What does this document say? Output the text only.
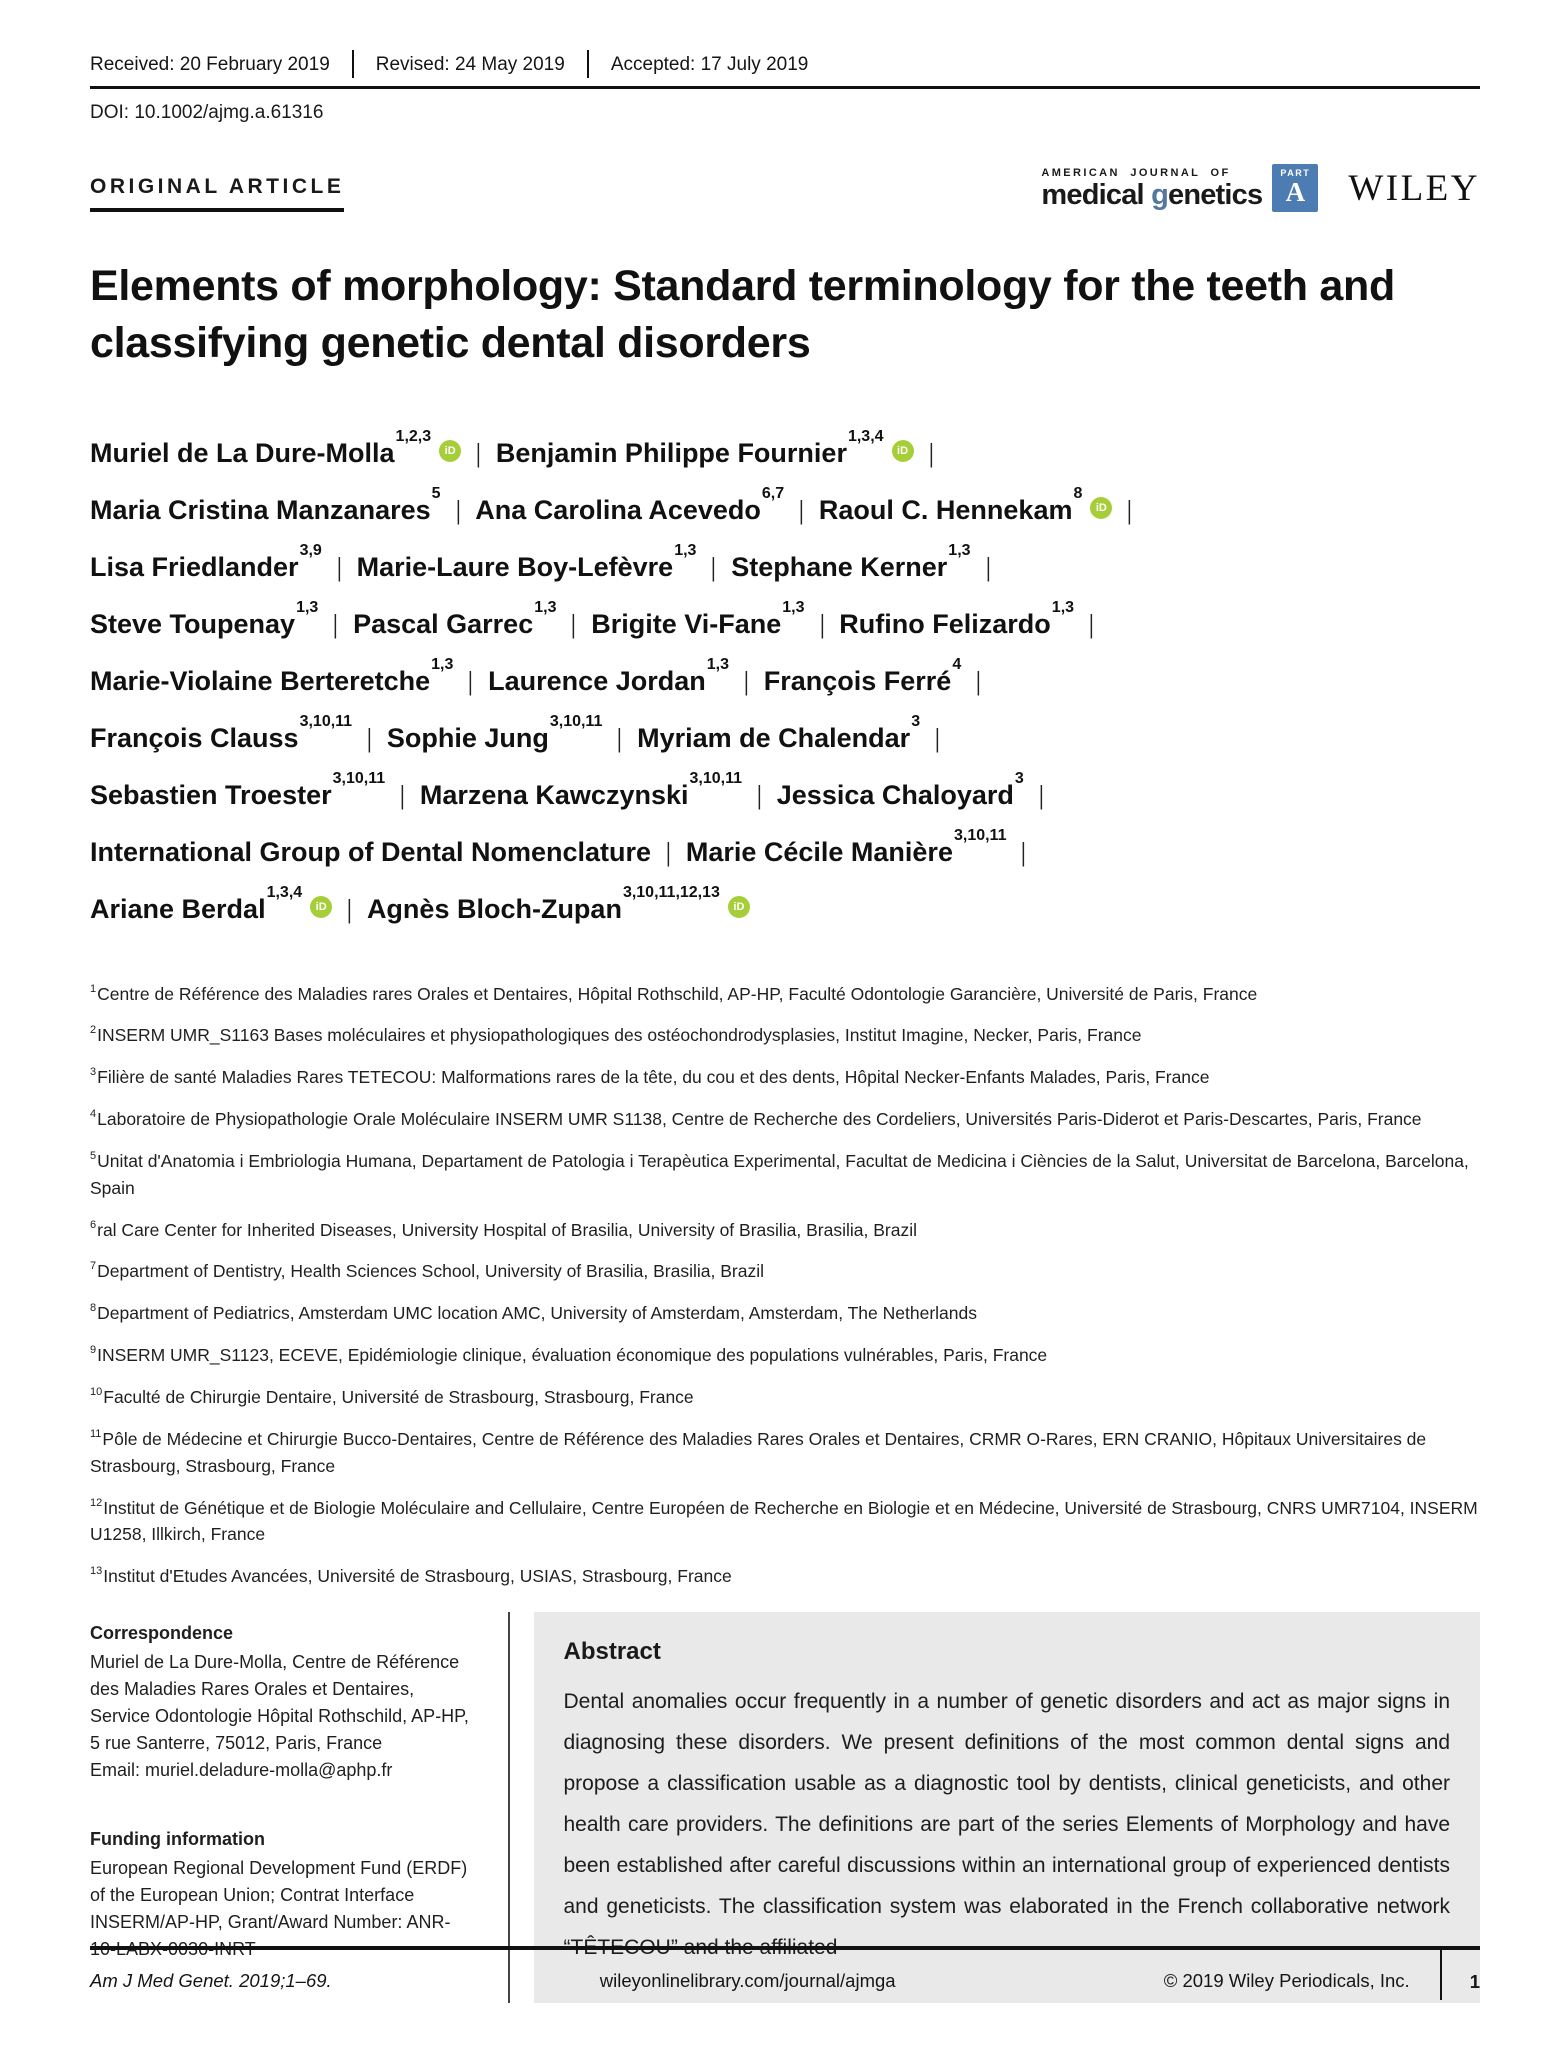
Received: 20 February 2019 Revised: 24 May 2019 Accepted: 17 July 2019
DOI: 10.1002/ajmg.a.61316
ORIGINAL ARTICLE
AMERICAN JOURNAL OF
medical genetics
PART
A WILEY
Elements of morphology: Standard terminology for the teeth and classifying genetic dental disorders
Muriel de La Dure-Molla$^{1,2,3}$iD | Benjamin Philippe Fournier$^{1,3,4}$iD |
Maria Cristina Manzanares$^5$| Ana Carolina Acevedo$^{6,7}$| Raoul C. Hennekam$^8$iD |
Lisa Friedlander$^{3,9}$| Marie-Laure Boy-Lefèvre$^{1,3}$| Stephane Kerner$^{1,3}$|
Steve Toupenay$^{1,3}$| Pascal Garrec$^{1,3}$| Brigite Vi-Fane$^{1,3}$| Rufino Felizardo$^{1,3}$|
Marie-Violaine Berteretche$^{1,3}$| Laurence Jordan$^{1,3}$| François Ferré$^4$|
François Clauss$^{3,10,11}$| Sophie Jung$^{3,10,11}$| Myriam de Chalendar$^3$|
Sebastien Troester$^{3,10,11}$| Marzena Kawczynski$^{3,10,11}$| Jessica Chaloyard$^3$|
International Group of Dental Nomenclature | Marie Cécile Manière$^{3,10,11}$|
Ariane Berdal$^{1,3,4}$iD | Agnès Bloch-Zupan$^{3,10,11,12,13}$iD

$^1$Centre de Référence des Maladies rares Orales et Dentaires, Hôpital Rothschild, AP-HP, Faculté Odontologie Garancière, Université de Paris, France

$^2$INSERM UMR_S1163 Bases moléculaires et physiopathologiques des ostéochondrodysplasies, Institut Imagine, Necker, Paris, France

$^3$Filière de santé Maladies Rares TETECOU: Malformations rares de la tête, du cou et des dents, Hôpital Necker-Enfants Malades, Paris, France

$^4$Laboratoire de Physiopathologie Orale Moléculaire INSERM UMR S1138, Centre de Recherche des Cordeliers, Universités Paris-Diderot et Paris-Descartes, Paris, France

$^5$Unitat d'Anatomia i Embriologia Humana, Departament de Patologia i Terapèutica Experimental, Facultat de Medicina i Ciències de la Salut, Universitat de Barcelona, Barcelona, Spain

$^6$ral Care Center for Inherited Diseases, University Hospital of Brasilia, University of Brasilia, Brasilia, Brazil

$^7$Department of Dentistry, Health Sciences School, University of Brasilia, Brasilia, Brazil

$^8$Department of Pediatrics, Amsterdam UMC location AMC, University of Amsterdam, Amsterdam, The Netherlands

$^9$INSERM UMR_S1123, ECEVE, Epidémiologie clinique, évaluation économique des populations vulnérables, Paris, France

$^{10}$Faculté de Chirurgie Dentaire, Université de Strasbourg, Strasbourg, France

$^{11}$Pôle de Médecine et Chirurgie Bucco-Dentaires, Centre de Référence des Maladies Rares Orales et Dentaires, CRMR O-Rares, ERN CRANIO, Hôpitaux Universitaires de Strasbourg, Strasbourg, France

$^{12}$Institut de Génétique et de Biologie Moléculaire and Cellulaire, Centre Européen de Recherche en Biologie et en Médecine, Université de Strasbourg, CNRS UMR7104, INSERM U1258, Illkirch, France

$^{13}$Institut d'Etudes Avancées, Université de Strasbourg, USIAS, Strasbourg, France

Correspondence
Muriel de La Dure-Molla, Centre de Référence des Maladies Rares Orales et Dentaires, Service Odontologie Hôpital Rothschild, AP-HP, 5 rue Santerre, 75012, Paris, France
Email: muriel.deladure-molla@aphp.fr
Funding information
European Regional Development Fund (ERDF) of the European Union; Contrat Interface INSERM/AP-HP, Grant/Award Number: ANR-10-LABX-0030-INRT
Abstract
Dental anomalies occur frequently in a number of genetic disorders and act as major signs in diagnosing these disorders. We present definitions of the most common dental signs and propose a classification usable as a diagnostic tool by dentists, clinical geneticists, and other health care providers. The definitions are part of the series Elements of Morphology and have been established after careful discussions within an international group of experienced dentists and geneticists. The classification system was elaborated in the French collaborative network “TÊTECOU” and the affiliated
Am J Med Genet. 2019;1–69.	wileyonlinelibrary.com/journal/ajmga	© 2019 Wiley Periodicals, Inc.	1
